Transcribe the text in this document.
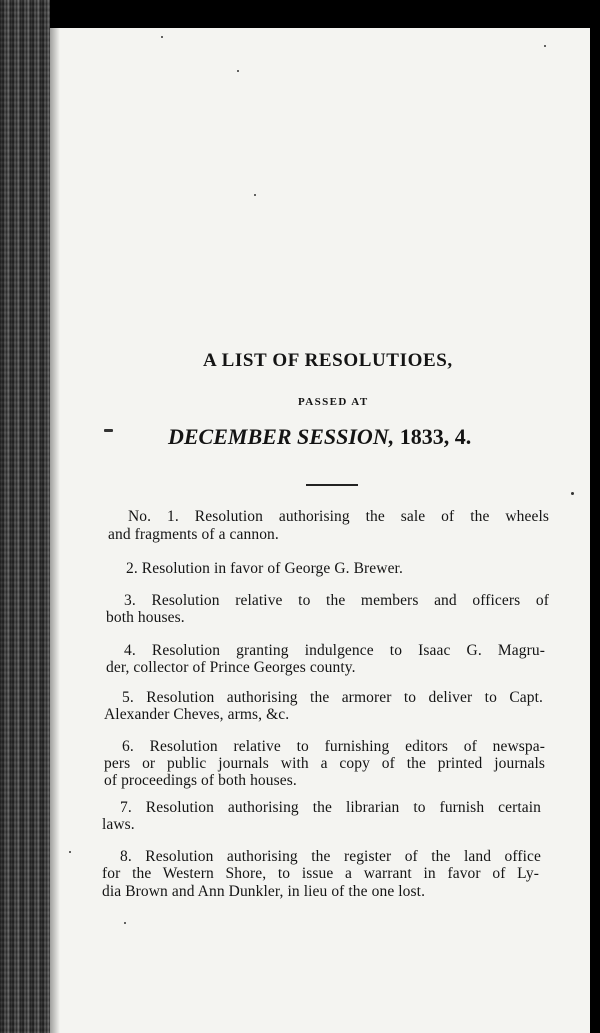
A LIST OF RESOLUTIOES,
PASSED AT
DECEMBER SESSION, 1833, 4.
No. 1. Resolution authorising the sale of the wheels
and fragments of a cannon.
2. Resolution in favor of George G. Brewer.
3. Resolution relative to the members and officers of
both houses.
4. Resolution granting indulgence to Isaac G. Magru-
der, collector of Prince Georges county.
5. Resolution authorising the armorer to deliver to Capt.
Alexander Cheves, arms, &c.
6. Resolution relative to furnishing editors of newspa-
pers or public journals with a copy of the printed journals
of proceedings of both houses.
7. Resolution authorising the librarian to furnish certain
laws.
8. Resolution authorising the register of the land office
for the Western Shore, to issue a warrant in favor of Ly-
dia Brown and Ann Dunkler, in lieu of the one lost.
